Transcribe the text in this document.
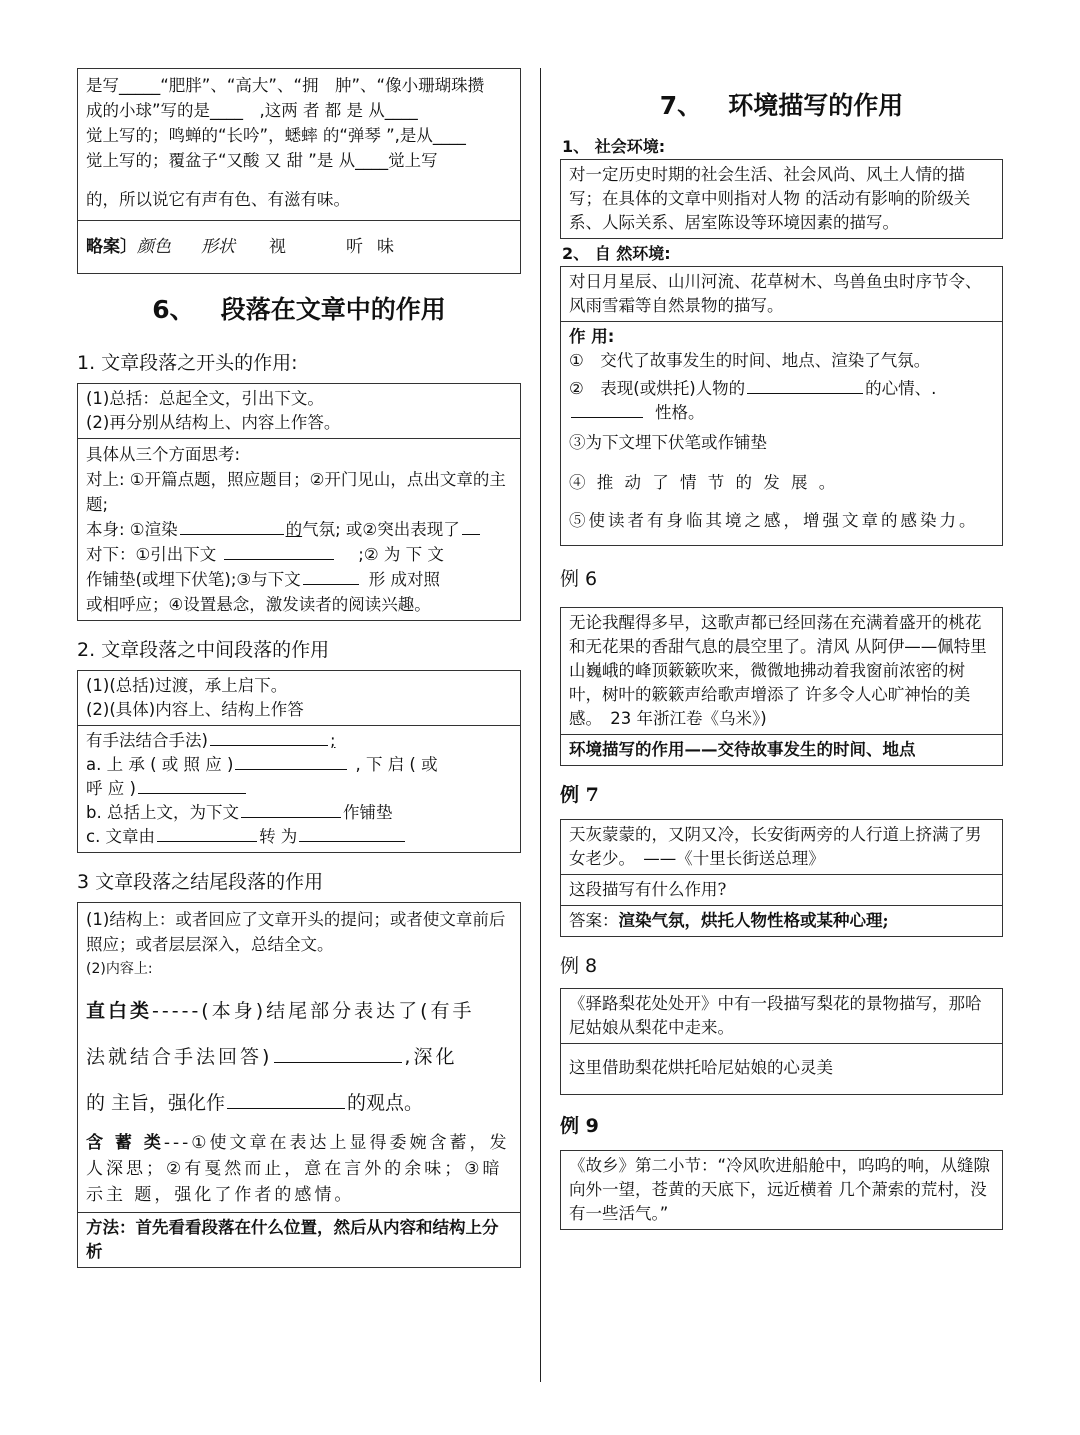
是写_____“肥胖”、“高大”、“拥　肿”、“像小珊瑚珠攒
成的小球”写的是____　,这两 者 都 是 从____
觉上写的；鸣蝉的“长吟”，蟋蟀 的“弹琴 ”,是从____
觉上写的；覆盆子“又酸 又 甜 ”是 从____觉上写
的，所以说它有声有色、有滋有味。
略案〕颜色 形状 视	听 味
6、 段落在文章中的作用
1. 文章段落之开头的作用:
(1)总括：总起全文，引出下文。
(2)再分别从结构上、内容上作答。
具体从三个方面思考:
对上: ①开篇点题，照应题目；②开门见山，点出文章的主题;
本身: ①渲染	的气氛; 或②突出表现了
对下：①引出下文	;② 为 下 文
作铺垫(或埋下伏笔);③与下文	形 成对照
或相呼应；④设置悬念，激发读者的阅读兴趣。
2. 文章段落之中间段落的作用
(1)(总括)过渡，承上启下。
(2)(具体)内容上、结构上作答
有手法结合手法)	;
a. 上 承 ( 或 照 应 )	, 下 启 ( 或
呼 应 )
b. 总括上文，为下文	作铺垫
c. 文章由	转 为
3 文章段落之结尾段落的作用
(1)结构上：或者回应了文章开头的提问；或者使文章前后照应；或者层层深入，总结全文。
(2)内容上:
直白类-----(本身)结尾部分表达了(有手
法就结合手法回答)	,深化
的 主旨，强化作	的观点。
含 蓄 类---①使文章在表达上显得委婉含蓄，发人深思；②有戛然而止，意在言外的余味；③暗示主 题，强化了作者的感情。
方法：首先看看段落在什么位置，然后从内容和结构上分析
7、 环境描写的作用
1、 社会环境:
对一定历史时期的社会生活、社会风尚、风土人情的描写；在具体的文章中则指对人物 的活动有影响的阶级关系、人际关系、居室陈设等环境因素的描写。
2、 自 然环境:
对日月星辰、山川河流、花草树木、鸟兽鱼虫时序节令、风雨雪霜等自然景物的描写。
作 用:
①　交代了故事发生的时间、地点、渲染了气氛。
②　表现(或烘托)人物的	的心情、.
性格。
③为下文埋下伏笔或作铺垫
④ 推 动 了 情 节 的 发 展 。
⑤使读者有身临其境之感，增强文章的感染力。
例 6
无论我醒得多早，这歌声都已经回荡在充满着盛开的桃花和无花果的香甜气息的晨空里了。清风 从阿伊——佩特里山巍峨的峰顶簌簌吹来，微微地拂动着我窗前浓密的树叶，树叶的簌簌声给歌声增添了 许多令人心旷神怡的美感。　23 年浙江卷《乌米》)
环境描写的作用——交待故事发生的时间、地点
例 7
天灰蒙蒙的，又阴又冷，长安街两旁的人行道上挤满了男女老少。　——《十里长街送总理》
这段描写有什么作用?
答案：渲染气氛，烘托人物性格或某种心理;
例 8
《驿路梨花处处开》中有一段描写梨花的景物描写，那哈尼姑娘从梨花中走来。
这里借助梨花烘托哈尼姑娘的心灵美
例 9
《故乡》第二小节：“冷风吹进船舱中，呜呜的响，从缝隙向外一望，苍黄的天底下，远近横着 几个萧索的荒村，没有一些活气。”
